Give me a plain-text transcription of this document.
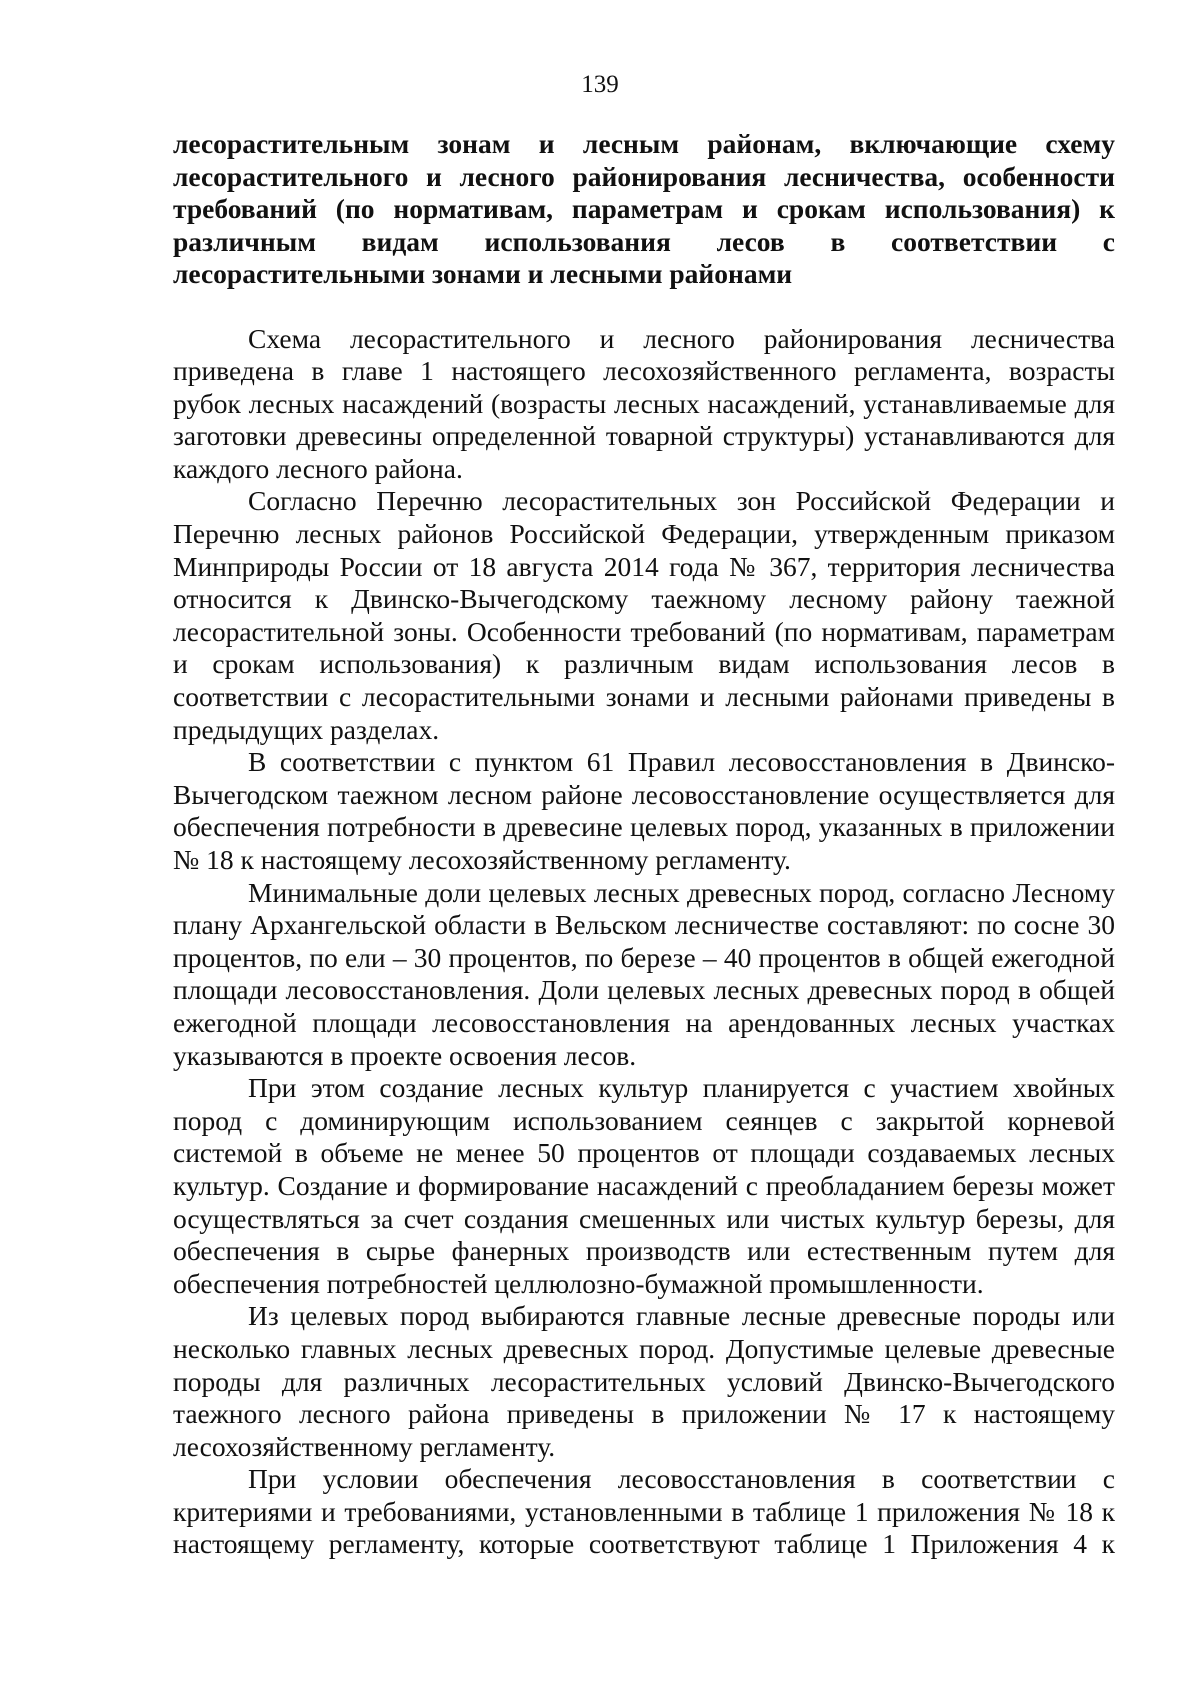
139

лесорастительным зонам и лесным районам, включающие схему лесорастительного и лесного районирования лесничества, особенности требований (по нормативам, параметрам и срокам использования) к различным видам использования лесов в соответствии с лесорастительными зонами и лесными районами

Схема лесорастительного и лесного районирования лесничества приведена в главе 1 настоящего лесохозяйственного регламента, возрасты рубок лесных насаждений (возрасты лесных насаждений, устанавливаемые для заготовки древесины определенной товарной структуры) устанавливаются для каждого лесного района.

Согласно Перечню лесорастительных зон Российской Федерации и Перечню лесных районов Российской Федерации, утвержденным приказом Минприроды России от 18 августа 2014 года № 367, территория лесничества относится к Двинско-Вычегодскому таежному лесному району таежной лесорастительной зоны. Особенности требований (по нормативам, параметрам и срокам использования) к различным видам использования лесов в соответствии с лесорастительными зонами и лесными районами приведены в предыдущих разделах.

В соответствии с пунктом 61 Правил лесовосстановления в Двинско-Вычегодском таежном лесном районе лесовосстановление осуществляется для обеспечения потребности в древесине целевых пород, указанных в приложении № 18 к настоящему лесохозяйственному регламенту.

Минимальные доли целевых лесных древесных пород, согласно Лесному плану Архангельской области в Вельском лесничестве составляют: по сосне 30 процентов, по ели – 30 процентов, по березе – 40 процентов в общей ежегодной площади лесовосстановления. Доли целевых лесных древесных пород в общей ежегодной площади лесовосстановления на арендованных лесных участках указываются в проекте освоения лесов.

При этом создание лесных культур планируется с участием хвойных пород с доминирующим использованием сеянцев с закрытой корневой системой в объеме не менее 50 процентов от площади создаваемых лесных культур. Создание и формирование насаждений с преобладанием березы может осуществляться за счет создания смешенных или чистых культур березы, для обеспечения в сырье фанерных производств или естественным путем для обеспечения потребностей целлюлозно-бумажной промышленности.

Из целевых пород выбираются главные лесные древесные породы или несколько главных лесных древесных пород. Допустимые целевые древесные породы для различных лесорастительных условий Двинско-Вычегодского таежного лесного района приведены в приложении № 17 к настоящему лесохозяйственному регламенту.

При условии обеспечения лесовосстановления в соответствии с критериями и требованиями, установленными в таблице 1 приложения № 18 к настоящему регламенту, которые соответствуют таблице 1 Приложения 4 к
